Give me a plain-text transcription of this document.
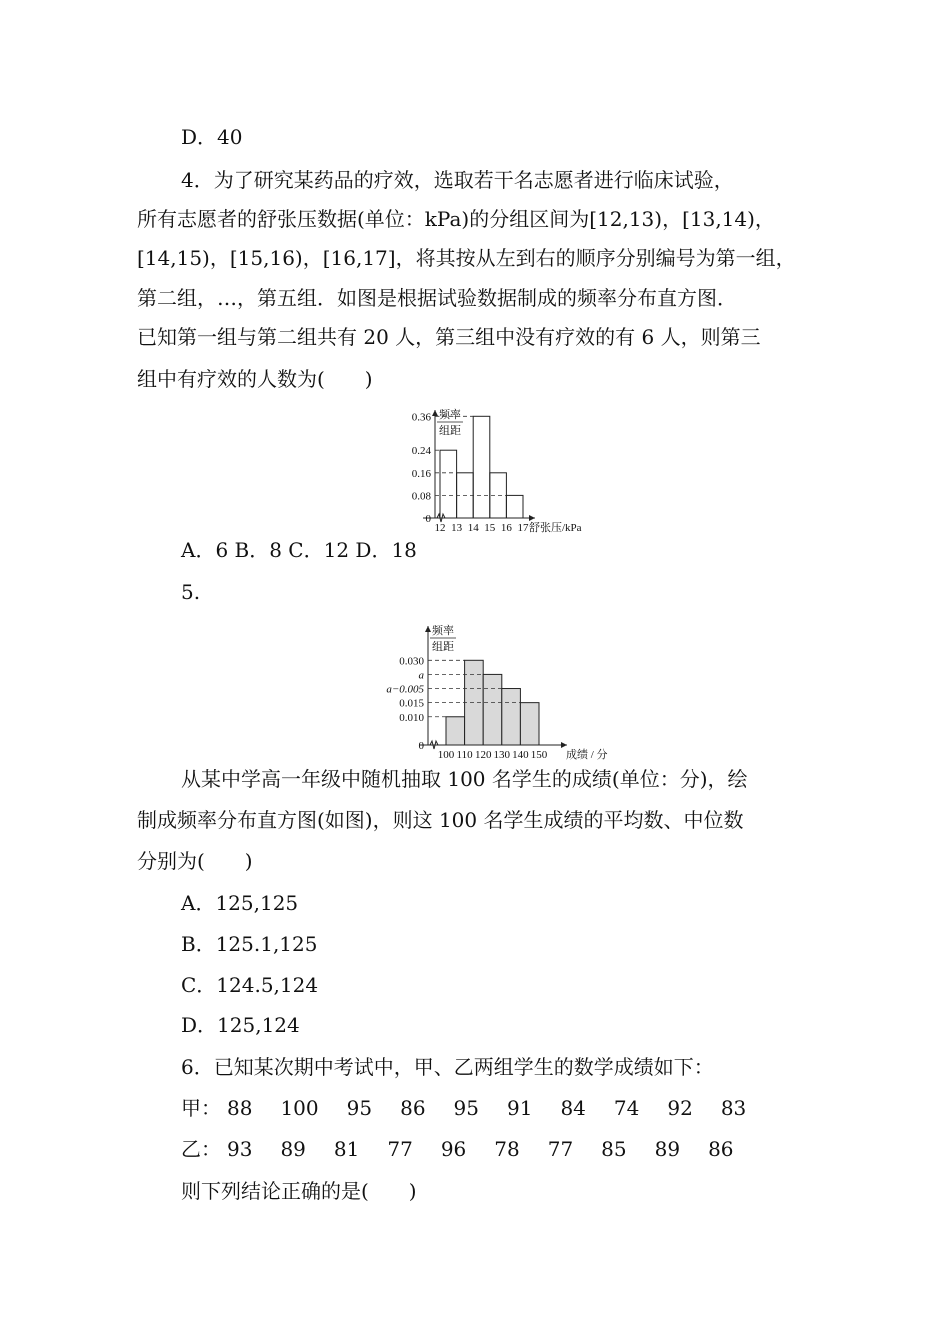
D．40
4．为了研究某药品的疗效，选取若干名志愿者进行临床试验，
所有志愿者的舒张压数据(单位：kPa)的分组区间为[12,13)，[13,14)，
[14,15)，[15,16)，[16,17]，将其按从左到右的顺序分别编号为第一组，
第二组，…，第五组．如图是根据试验数据制成的频率分布直方图．
已知第一组与第二组共有 20 人，第三组中没有疗效的有 6 人，则第三
组中有疗效的人数为(　　)
频率
组距
0.36
0.24
0.16
0.08
0
12 13 14 15 16 17 舒张压/kPa
A．6 B．8 C．12 D．18
5.
频率
组距
0.030
a
a−0.005
0.015
0.010
0
100 110 120 130 140 150 成绩 / 分
从某中学高一年级中随机抽取 100 名学生的成绩(单位：分)，绘
制成频率分布直方图(如图)，则这 100 名学生成绩的平均数、中位数
分别为(　　)
A．125,125
B．125.1,125
C．124.5,124
D．125,124
6．已知某次期中考试中，甲、乙两组学生的数学成绩如下：
甲： 88 100 95 86 95 91 84 74 92 83
乙： 93 89 81 77 96 78 77 85 89 86
则下列结论正确的是(　　)
